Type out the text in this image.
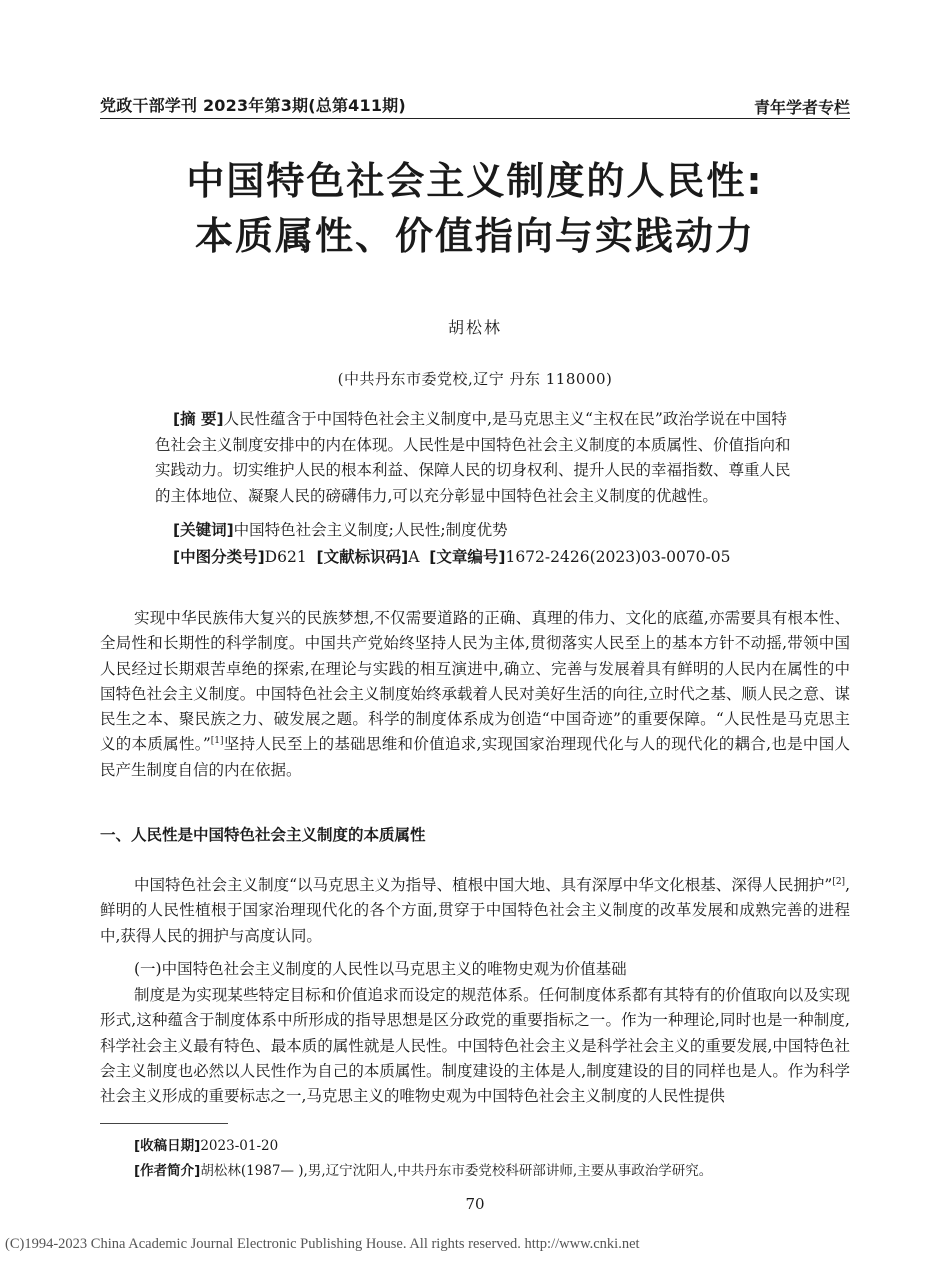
党政干部学刊 2023年第3期(总第411期)	青年学者专栏
中国特色社会主义制度的人民性:
本质属性、价值指向与实践动力
胡松林
(中共丹东市委党校,辽宁 丹东 118000)
[摘 要]人民性蕴含于中国特色社会主义制度中,是马克思主义“主权在民”政治学说在中国特色社会主义制度安排中的内在体现。人民性是中国特色社会主义制度的本质属性、价值指向和实践动力。切实维护人民的根本利益、保障人民的切身权利、提升人民的幸福指数、尊重人民的主体地位、凝聚人民的磅礴伟力,可以充分彰显中国特色社会主义制度的优越性。
[关键词]中国特色社会主义制度;人民性;制度优势
[中图分类号]D621 [文献标识码]A [文章编号]1672-2426(2023)03-0070-05
实现中华民族伟大复兴的民族梦想,不仅需要道路的正确、真理的伟力、文化的底蕴,亦需要具有根本性、全局性和长期性的科学制度。中国共产党始终坚持人民为主体,贯彻落实人民至上的基本方针不动摇,带领中国人民经过长期艰苦卓绝的探索,在理论与实践的相互演进中,确立、完善与发展着具有鲜明的人民内在属性的中国特色社会主义制度。中国特色社会主义制度始终承载着人民对美好生活的向往,立时代之基、顺人民之意、谋民生之本、聚民族之力、破发展之题。科学的制度体系成为创造“中国奇迹”的重要保障。“人民性是马克思主义的本质属性。”[1]坚持人民至上的基础思维和价值追求,实现国家治理现代化与人的现代化的耦合,也是中国人民产生制度自信的内在依据。
一、人民性是中国特色社会主义制度的本质属性
中国特色社会主义制度“以马克思主义为指导、植根中国大地、具有深厚中华文化根基、深得人民拥护”[2],鲜明的人民性植根于国家治理现代化的各个方面,贯穿于中国特色社会主义制度的改革发展和成熟完善的进程中,获得人民的拥护与高度认同。
(一)中国特色社会主义制度的人民性以马克思主义的唯物史观为价值基础
制度是为实现某些特定目标和价值追求而设定的规范体系。任何制度体系都有其特有的价值取向以及实现形式,这种蕴含于制度体系中所形成的指导思想是区分政党的重要指标之一。作为一种理论,同时也是一种制度,科学社会主义最有特色、最本质的属性就是人民性。中国特色社会主义是科学社会主义的重要发展,中国特色社会主义制度也必然以人民性作为自己的本质属性。制度建设的主体是人,制度建设的目的同样也是人。作为科学社会主义形成的重要标志之一,马克思主义的唯物史观为中国特色社会主义制度的人民性提供
[收稿日期]2023-01-20
[作者简介]胡松林(1987— ),男,辽宁沈阳人,中共丹东市委党校科研部讲师,主要从事政治学研究。
70
(C)1994-2023 China Academic Journal Electronic Publishing House. All rights reserved. http://www.cnki.net
